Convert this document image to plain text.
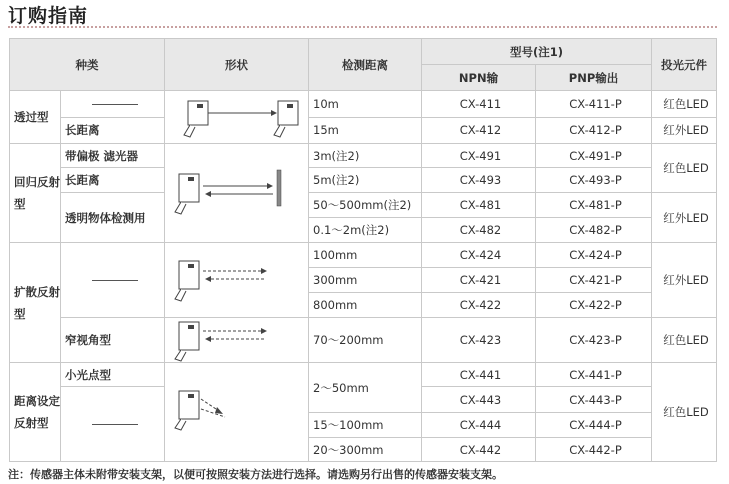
订购指南
种类		形状	检测距离	型号(注1)		投光元件
				NPN输	PNP输出	
透过型			10m	CX-411	CX-411-P	红色LED
	长距离		15m	CX-412	CX-412-P	红外LED
回归反射型	带偏极 滤光器		3m(注2)	CX-491	CX-491-P	红色LED
	长距离		5m(注2)	CX-493	CX-493-P	
	透明物体检测用		50～500mm(注2)	CX-481	CX-481-P	红外LED
			0.1～2m(注2)	CX-482	CX-482-P	
扩散反射型			100mm	CX-424	CX-424-P	红外LED
			300mm	CX-421	CX-421-P	
			800mm	CX-422	CX-422-P	
	窄视角型		70～200mm	CX-423	CX-423-P	红色LED
距离设定反射型	小光点型		2～50mm	CX-441	CX-441-P	红色LED
				CX-443	CX-443-P	
			15～100mm	CX-444	CX-444-P	
			20～300mm	CX-442	CX-442-P	
注：传感器主体未附带安装支架，以便可按照安装方法进行选择。请选购另行出售的传感器安装支架。
